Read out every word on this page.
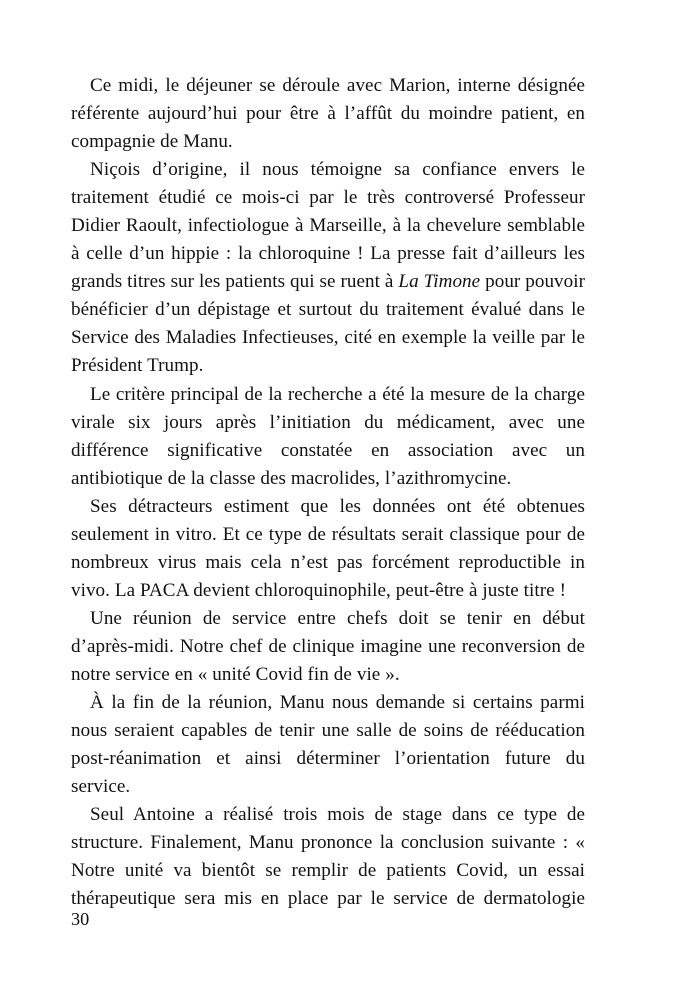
Ce midi, le déjeuner se déroule avec Marion, interne désignée référente aujourd’hui pour être à l’affût du moindre patient, en compagnie de Manu.

Niçois d’origine, il nous témoigne sa confiance envers le traitement étudié ce mois-ci par le très controversé Professeur Didier Raoult, infectiologue à Marseille, à la chevelure semblable à celle d’un hippie : la chloroquine ! La presse fait d’ailleurs les grands titres sur les patients qui se ruent à La Timone pour pouvoir bénéficier d’un dépistage et surtout du traitement évalué dans le Service des Maladies Infectieuses, cité en exemple la veille par le Président Trump.

Le critère principal de la recherche a été la mesure de la charge virale six jours après l’initiation du médicament, avec une différence significative constatée en association avec un antibiotique de la classe des macrolides, l’azithromycine.

Ses détracteurs estiment que les données ont été obtenues seulement in vitro. Et ce type de résultats serait classique pour de nombreux virus mais cela n’est pas forcément reproductible in vivo. La PACA devient chloroquinophile, peut-être à juste titre !

Une réunion de service entre chefs doit se tenir en début d’après-midi. Notre chef de clinique imagine une reconversion de notre service en « unité Covid fin de vie ».

À la fin de la réunion, Manu nous demande si certains parmi nous seraient capables de tenir une salle de soins de rééducation post-réanimation et ainsi déterminer l’orientation future du service.

Seul Antoine a réalisé trois mois de stage dans ce type de structure. Finalement, Manu prononce la conclusion suivante : « Notre unité va bientôt se remplir de patients Covid, un essai thérapeutique sera mis en place par le service de dermatologie

30
